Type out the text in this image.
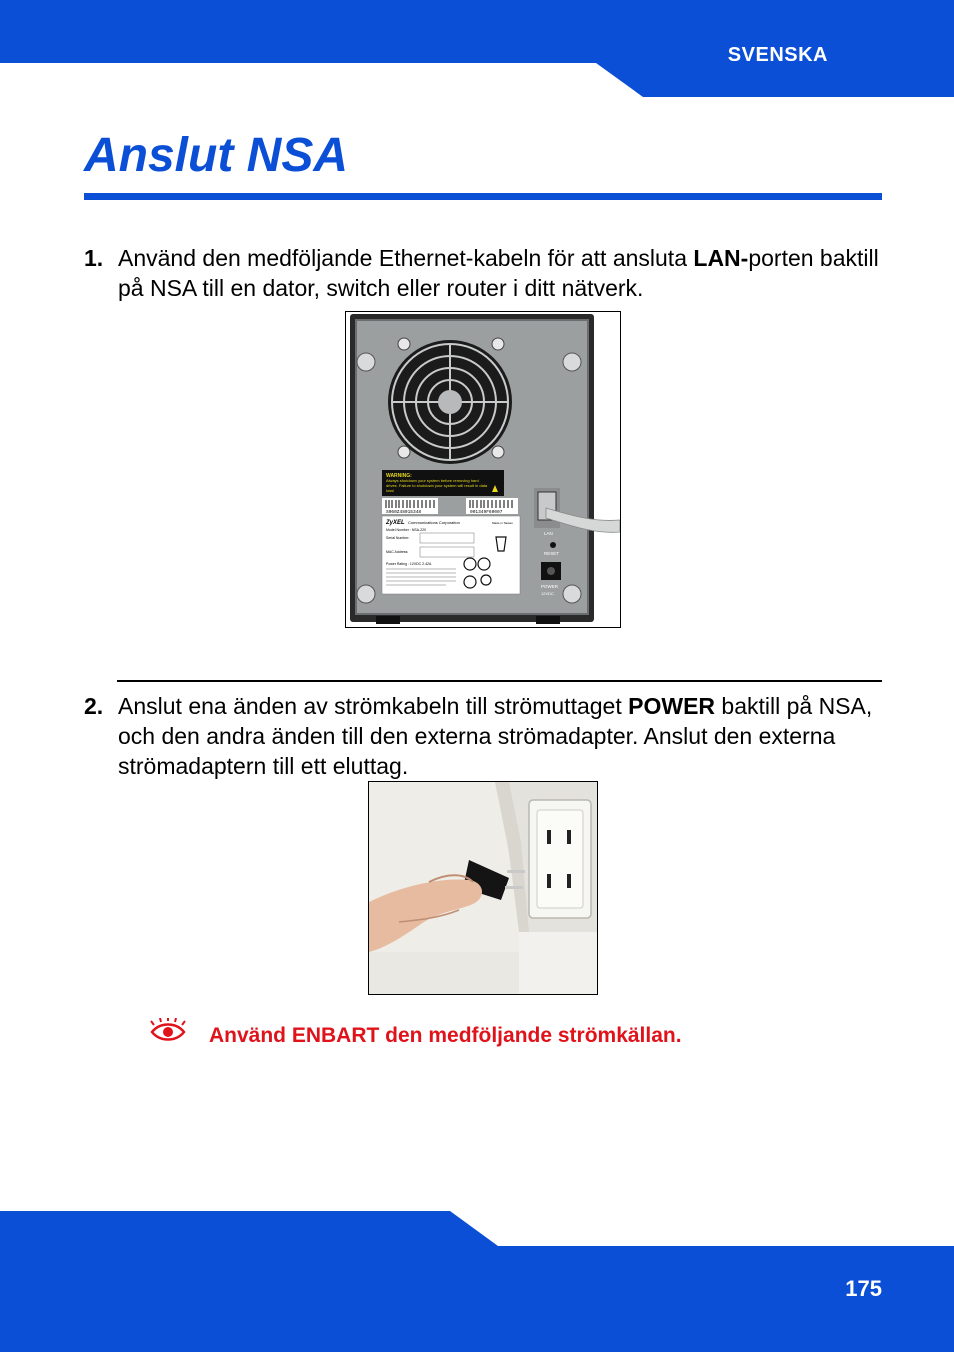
SVENSKA
Anslut NSA
1. Använd den medföljande Ethernet-kabeln för att ansluta LAN-porten baktill på NSA till en dator, switch eller router i ditt nätverk.
WARNING:
Always shutdown your system before removing hard drives. Failure to shutdown your system will result in data loss!
S060Z48015348	001349F60007
ZyXEL Communications Corporation	Made in Taiwan
Model Number : NSA-220
Serial Number:
MAC Address:
Power Rating : 12VDC 2.42A
LAN
RESET
POWER
12VDC
2. Anslut ena änden av strömkabeln till strömuttaget POWER baktill på NSA, och den andra änden till den externa strömadapter. Anslut den externa strömadaptern till ett eluttag.
Använd ENBART den medföljande strömkällan.
175
